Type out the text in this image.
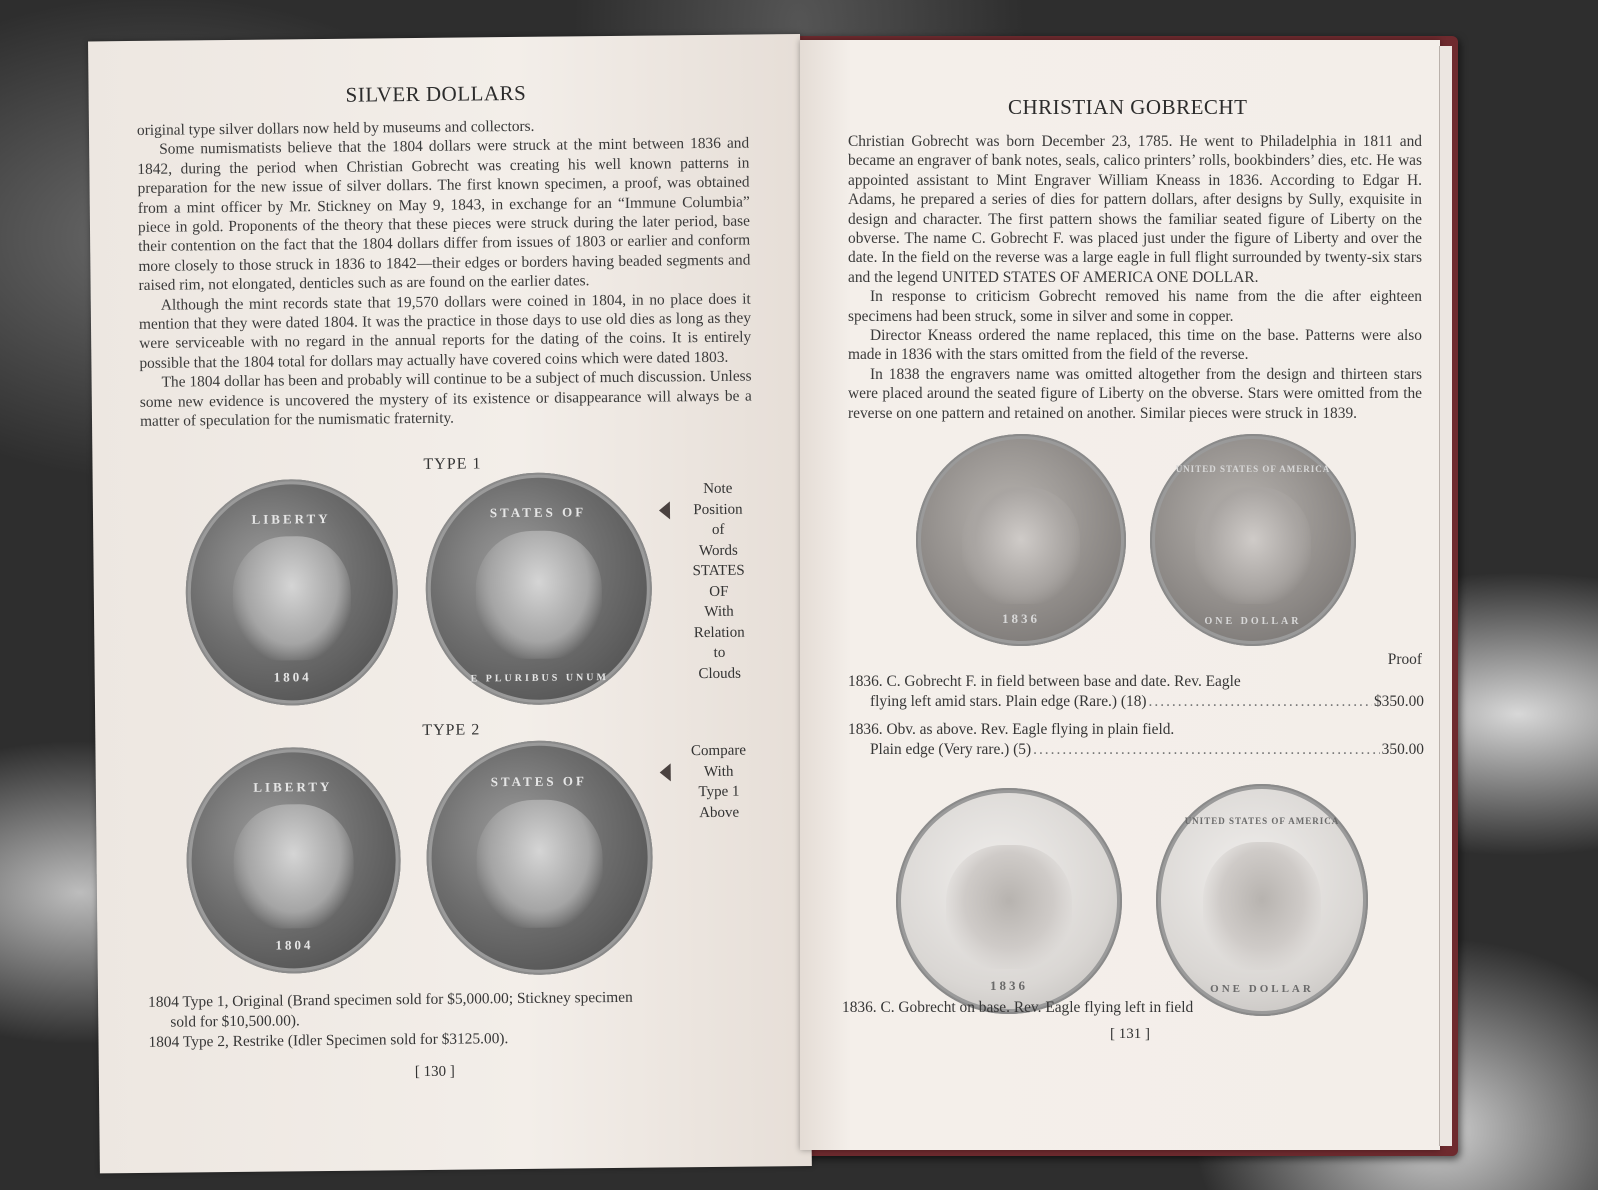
SILVER DOLLARS

original type silver dollars now held by museums and collectors.

Some numismatists believe that the 1804 dollars were struck at the mint between 1836 and 1842, during the period when Christian Gobrecht was creating his well known patterns in preparation for the new issue of silver dollars. The first known specimen, a proof, was obtained from a mint officer by Mr. Stickney on May 9, 1843, in exchange for an “Immune Columbia” piece in gold. Proponents of the theory that these pieces were struck during the later period, base their contention on the fact that the 1804 dollars differ from issues of 1803 or earlier and conform more closely to those struck in 1836 to 1842—their edges or borders having beaded segments and raised rim, not elongated, denticles such as are found on the earlier dates.

Although the mint records state that 19,570 dollars were coined in 1804, in no place does it mention that they were dated 1804. It was the practice in those days to use old dies as long as they were serviceable with no regard in the annual reports for the dating of the coins. It is entirely possible that the 1804 total for dollars may actually have covered coins which were dated 1803.

The 1804 dollar has been and probably will continue to be a subject of much discussion. Unless some new evidence is uncovered the mystery of its existence or disappearance will always be a matter of speculation for the numismatic fraternity.

TYPE 1
LIBERTY
1804
STATES OF
E PLURIBUS UNUM
Note
Position
of
Words
STATES
OF
With
Relation
to
Clouds
TYPE 2
LIBERTY
1804
STATES OF
Compare
With
Type 1
Above
1804 Type 1, Original (Brand specimen sold for $5,000.00; Stickney specimen
sold for $10,500.00).
1804 Type 2, Restrike (Idler Specimen sold for $3125.00).
[ 130 ]
CHRISTIAN GOBRECHT

Christian Gobrecht was born December 23, 1785. He went to Philadelphia in 1811 and became an engraver of bank notes, seals, calico printers’ rolls, bookbinders’ dies, etc. He was appointed assistant to Mint Engraver William Kneass in 1836. According to Edgar H. Adams, he prepared a series of dies for pattern dollars, after designs by Sully, exquisite in design and character. The first pattern shows the familiar seated figure of Liberty on the obverse. The name C. Gobrecht F. was placed just under the figure of Liberty and over the date. In the field on the reverse was a large eagle in full flight surrounded by twenty-six stars and the legend UNITED STATES OF AMERICA ONE DOLLAR.

In response to criticism Gobrecht removed his name from the die after eighteen specimens had been struck, some in silver and some in copper.

Director Kneass ordered the name replaced, this time on the base. Patterns were also made in 1836 with the stars omitted from the field of the reverse.

In 1838 the engravers name was omitted altogether from the design and thirteen stars were placed around the seated figure of Liberty on the obverse. Stars were omitted from the reverse on one pattern and retained on another. Similar pieces were struck in 1839.

1836
UNITED STATES OF AMERICA
ONE DOLLAR
Proof
1836. C. Gobrecht F. in field between base and date. Rev. Eagle
flying left amid stars. Plain edge (Rare.) (18) .....	$350.00
1836. Obv. as above. Rev. Eagle flying in plain field.
Plain edge (Very rare.) (5) .....	350.00
1836
UNITED STATES OF AMERICA
ONE DOLLAR
1836. C. Gobrecht on base. Rev. Eagle flying left in field
[ 131 ]
